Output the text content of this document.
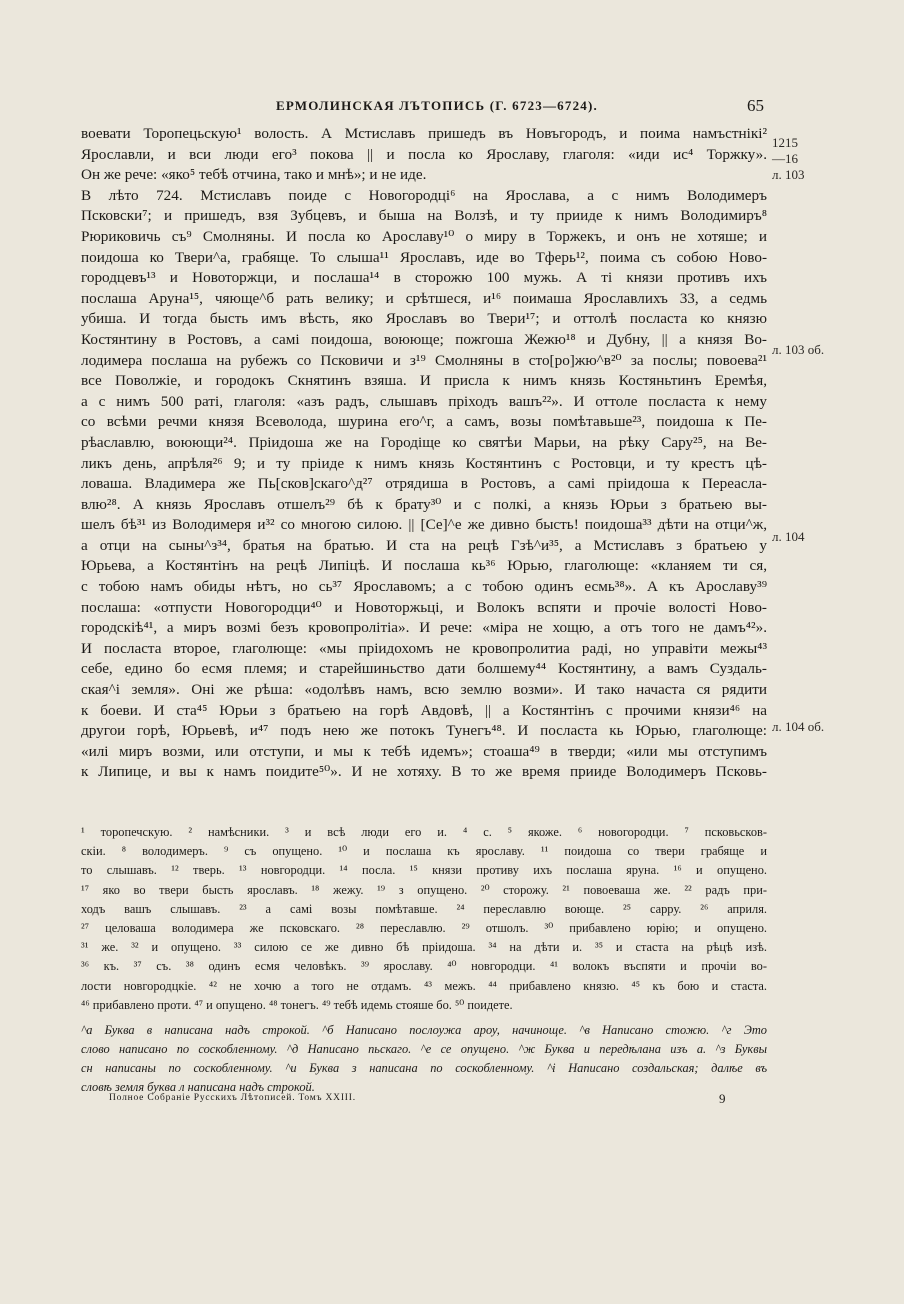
ЕРМОЛИНСКАЯ ЛЪТОПИСЬ (Г. 6723—6724).	65
воевати Торопецьскую¹ волость. А Мстиславъ пришедъ въ Новъгородъ, и поима намъстнікі²
Ярославли, и вси люди его³ покова || и посла ко Ярославу, глаголя: «иди ис⁴ Торжку».
Он же рече: «яко⁵ тебѣ отчина, тако и мнѣ»; и не иде.
В лѣто 724. Мстиславъ поиде с Новогородці⁶ на Ярослава, а с нимъ Володимеръ
Псковски⁷; и пришедъ, взя Зубцевъ, и быша на Волзѣ, и ту прииде к нимъ Володимиръ⁸
Рюриковичь съ⁹ Смолняны. И посла ко Арославу¹⁰ о миру в Торжекъ, и онъ не хотяше; и
поидоша ко Твери^а, грабяще. То слыша¹¹ Ярославъ, иде во Тферь¹², поима съ собою Ново-
городцевъ¹³ и Новоторжци, и послаша¹⁴ в сторожю 100 мужь. А ті князи противъ ихъ
послаша Аруна¹⁵, чяюще^б рать велику; и срѣтшеся, и¹⁶ поимаша Ярославлихъ 33, а седмь
убиша. И тогда бысть имъ вѣсть, яко Ярославъ во Твери¹⁷; и оттолѣ посласта ко князю
Костянтину в Ростовъ, а самі поидоша, воююще; пожгоша Жежю¹⁸ и Дубну, || а князя Во-
лодимера послаша на рубежъ со Псковичи и з¹⁹ Смолняны в сто[ро]жю^в²⁰ за послы; повоева²¹
все Поволжіе, и городокъ Скнятинъ взяша. И присла к нимъ князь Костяньтинъ Еремѣя,
а с нимъ 500 раті, глаголя: «азъ радъ, слышавъ пріходъ вашъ²²». И оттоле посласта к нему
со всѣми речми князя Всеволода, шурина его^г, а самъ, возы помѣтавьше²³, поидоша к Пе-
рѣаславлю, воюющи²⁴. Пріидоша же на Городіще ко святѣи Марьи, на рѣку Сару²⁵, на Ве-
ликъ день, апрѣля²⁶ 9; и ту пріиде к нимъ князь Костянтинъ с Ростовци, и ту крестъ цѣ-
ловаша. Владимера же Пь[сков]скаго^д²⁷ отрядиша в Ростовъ, а самі пріидоша к Переасла-
влю²⁸. А князь Ярославъ отшелъ²⁹ бѣ к брату³⁰ и с полкі, а князь Юрьи з братьею вы-
шелъ бѣ³¹ из Володимеря и³² со многою силою. || [Се]^е же дивно бысть! поидоша³³ дѣти на отци^ж,
а отци на сыны^з³⁴, братья на братью. И ста на рецѣ Гзѣ^и³⁵, а Мстиславъ з братьею у
Юрьева, а Костянтінъ на рецѣ Липіцѣ. И послаша кь³⁶ Юрью, глаголюще: «кланяем ти ся,
с тобою намъ обиды нѣтъ, но сь³⁷ Ярославомъ; а с тобою одинъ есмь³⁸». А къ Арославу³⁹
послаша: «отпусти Новогородци⁴⁰ и Новоторжьці, и Волокъ вспяти и прочіе волості Ново-
городскіѣ⁴¹, а миръ возмі безъ кровопролітіа». И рече: «міра не хощю, а отъ того не дамъ⁴²».
И посласта второе, глаголюще: «мы пріидохомъ не кровопролитиа раді, но управіти межы⁴³
себе, едино бо есмя племя; и старейшиньство дати болшему⁴⁴ Костянтину, а вамъ Суздаль-
ская^і земля». Оні же рѣша: «одолѣвъ намъ, всю землю возми». И тако начаста ся рядити
к боеви. И ста⁴⁵ Юрьи з братьею на горѣ Авдовѣ, || а Костянтінъ с прочими князи⁴⁶ на
другои горѣ, Юрьевѣ, и⁴⁷ подъ нею же потокъ Тунегъ⁴⁸. И посласта кь Юрью, глаголюще:
«илі миръ возми, или отступи, и мы к тебѣ идемъ»; стоаша⁴⁹ в тверди; «или мы отступимъ
к Липице, и вы к намъ поидите⁵⁰». И не хотяху. В то же время прииде Володимеръ Псковь-
1215
—16
л. 103
л. 103 об.
л. 104
л. 104 об.
¹ торопечскую. ² намѣсники. ³ и всѣ люди его и. ⁴ с. ⁵ якоже. ⁶ новогородци. ⁷ псковьсков-
скіи. ⁸ володимеръ. ⁹ съ опущено. ¹⁰ и послаша къ ярославу. ¹¹ поидоша со твери грабяще и
то слышавъ. ¹² тверь. ¹³ новгородци. ¹⁴ посла. ¹⁵ князи противу ихъ послаша яруна. ¹⁶ и опущено.
¹⁷ яко во твери бысть ярославъ. ¹⁸ жежу. ¹⁹ з опущено. ²⁰ сторожу. ²¹ повоеваша же. ²² радъ при-
ходъ вашъ слышавъ. ²³ а самі возы помѣтавше. ²⁴ переславлю воюще. ²⁵ сарру. ²⁶ априля.
²⁷ целоваша володимера же псковскаго. ²⁸ переславлю. ²⁹ отшолъ. ³⁰ прибавлено юрію; и опущено.
³¹ же. ³² и опущено. ³³ силою се же дивно бѣ пріидоша. ³⁴ на дѣти и. ³⁵ и стаста на рѣцѣ изѣ.
³⁶ къ. ³⁷ съ. ³⁸ одинъ есмя человѣкъ. ³⁹ ярославу. ⁴⁰ новгородци. ⁴¹ волокъ въспяти и прочіи во-
лости новгородцкіе. ⁴² не хочю а того не отдамъ. ⁴³ межъ. ⁴⁴ прибавлено князю. ⁴⁵ къ бою и стаста.
⁴⁶ прибавлено проти. ⁴⁷ и опущено. ⁴⁸ тонегъ. ⁴⁹ тебѣ идемь стояше бо. ⁵⁰ поидете.
^а Буква в написана надъ строкой. ^б Написано послоужа ароу, начиноще. ^в Написано стожю. ^г Это
слово написано по соскобленному. ^д Написано пьскаго. ^е се опущено. ^ж Буква и передѣлана изъ а. ^з Буквы
сн написаны по соскобленному. ^и Буква з написана по соскобленному. ^і Написано создальская; далѣе въ
словѣ земля буква л написана надъ строкой.
Полное Собраніе Русскихъ Лѣтописей. Томъ XXIII.	9
